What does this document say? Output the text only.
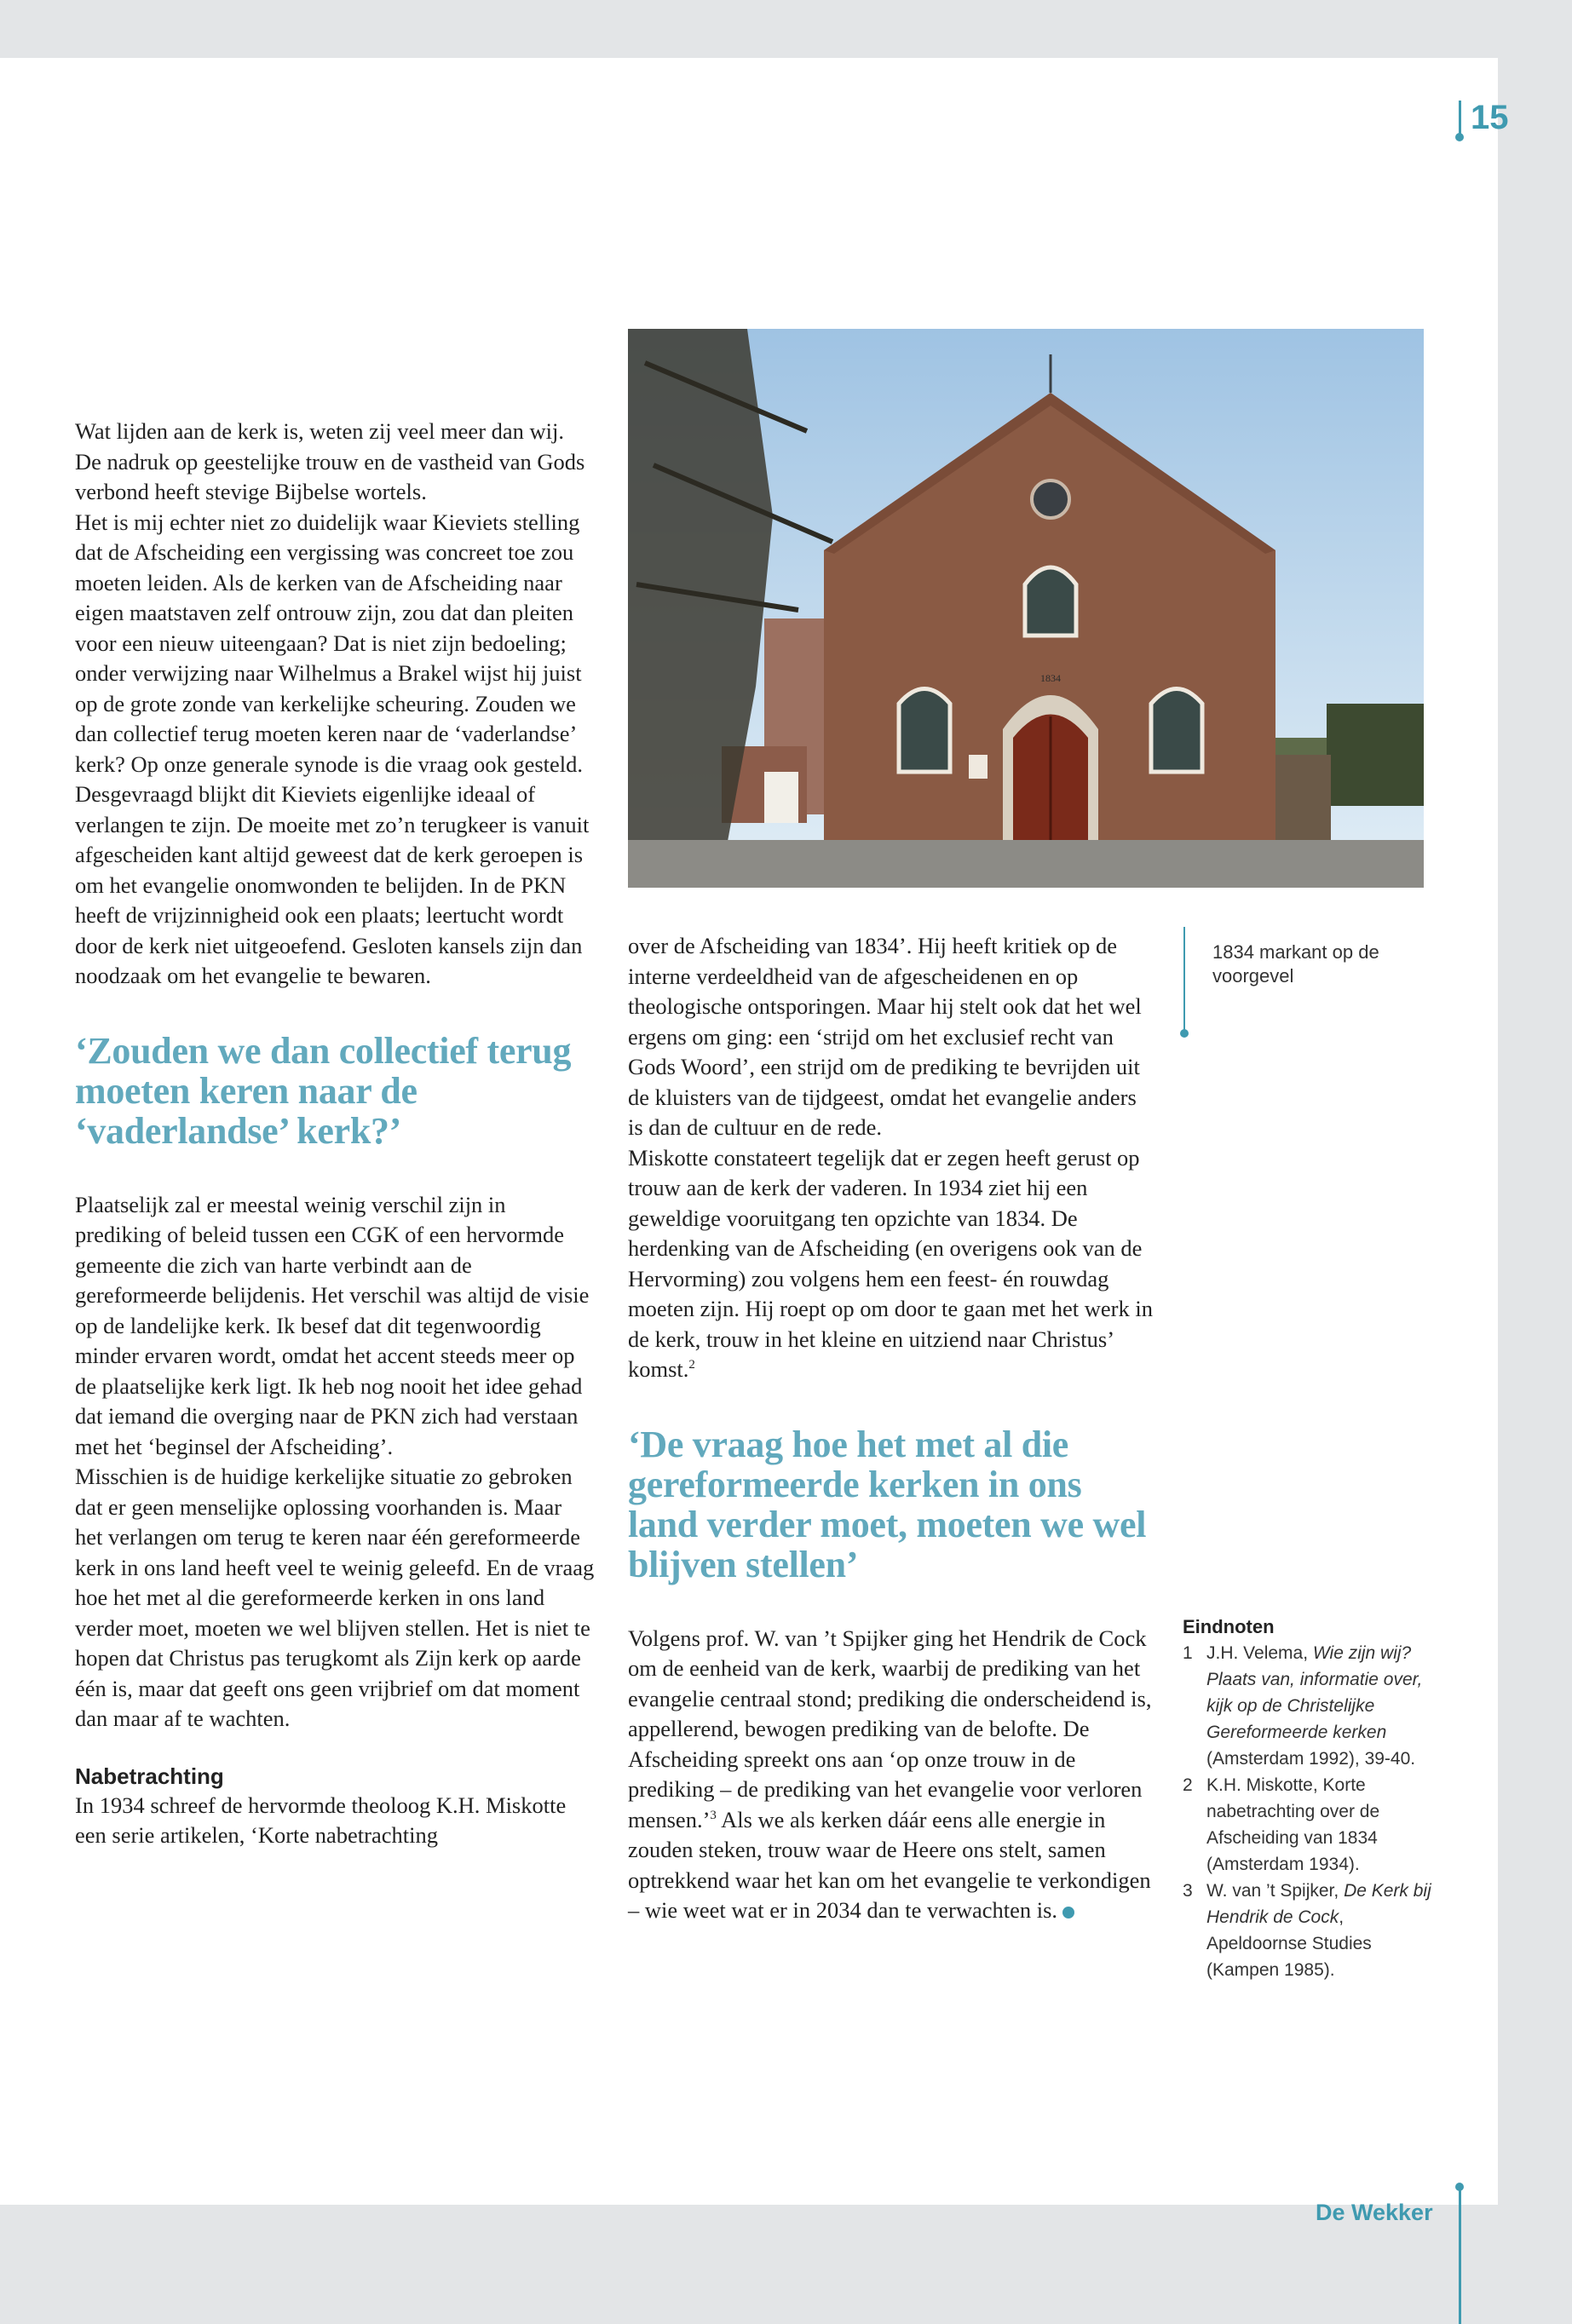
15

Wat lijden aan de kerk is, weten zij veel meer dan wij. De nadruk op geestelijke trouw en de vastheid van Gods verbond heeft stevige Bijbelse wortels.

Het is mij echter niet zo duidelijk waar Kieviets stelling dat de Afscheiding een vergissing was concreet toe zou moeten leiden. Als de kerken van de Afscheiding naar eigen maatstaven zelf ontrouw zijn, zou dat dan pleiten voor een nieuw uiteengaan? Dat is niet zijn bedoeling; onder verwijzing naar Wilhelmus a Brakel wijst hij juist op de grote zonde van kerkelijke scheuring. Zouden we dan collectief terug moeten keren naar de ‘vaderlandse’ kerk? Op onze generale synode is die vraag ook gesteld. Desgevraagd blijkt dit Kieviets eigenlijke ideaal of verlangen te zijn. De moeite met zo’n terugkeer is vanuit afgescheiden kant altijd geweest dat de kerk geroepen is om het evangelie onomwonden te belijden. In de PKN heeft de vrijzinnigheid ook een plaats; leertucht wordt door de kerk niet uitgeoefend. Gesloten kansels zijn dan noodzaak om het evangelie te bewaren.

‘Zouden we dan collectief terug moeten keren naar de ‘vaderlandse’ kerk?’

Plaatselijk zal er meestal weinig verschil zijn in prediking of beleid tussen een CGK of een hervormde gemeente die zich van harte verbindt aan de gereformeerde belijdenis. Het verschil was altijd de visie op de landelijke kerk. Ik besef dat dit tegenwoordig minder ervaren wordt, omdat het accent steeds meer op de plaatselijke kerk ligt. Ik heb nog nooit het idee gehad dat iemand die overging naar de PKN zich had verstaan met het ‘beginsel der Afscheiding’.

Misschien is de huidige kerkelijke situatie zo gebroken dat er geen menselijke oplossing voorhanden is. Maar het verlangen om terug te keren naar één gereformeerde kerk in ons land heeft veel te weinig geleefd. En de vraag hoe het met al die gereformeerde kerken in ons land verder moet, moeten we wel blijven stellen. Het is niet te hopen dat Christus pas terugkomt als Zijn kerk op aarde één is, maar dat geeft ons geen vrijbrief om dat moment dan maar af te wachten.

Nabetrachting

In 1934 schreef de hervormde theoloog K.H. Miskotte een serie artikelen, ‘Korte nabetrachting

1834

over de Afscheiding van 1834’. Hij heeft kritiek op de interne verdeeldheid van de afgescheidenen en op theologische ontsporingen. Maar hij stelt ook dat het wel ergens om ging: een ‘strijd om het exclusief recht van Gods Woord’, een strijd om de prediking te bevrijden uit de kluisters van de tijdgeest, omdat het evangelie anders is dan de cultuur en de rede.

Miskotte constateert tegelijk dat er zegen heeft gerust op trouw aan de kerk der vaderen. In 1934 ziet hij een geweldige vooruitgang ten opzichte van 1834. De herdenking van de Afscheiding (en overigens ook van de Hervorming) zou volgens hem een feest- én rouwdag moeten zijn. Hij roept op om door te gaan met het werk in de kerk, trouw in het kleine en uitziend naar Christus’ komst.$^2$

‘De vraag hoe het met al die gereformeerde kerken in ons land verder moet, moeten we wel blijven stellen’

Volgens prof. W. van ’t Spijker ging het Hendrik de Cock om de eenheid van de kerk, waarbij de prediking van het evangelie centraal stond; prediking die onderscheidend is, appellerend, bewogen prediking van de belofte. De Afscheiding spreekt ons aan ‘op onze trouw in de prediking – de prediking van het evangelie voor verloren mensen.’$^3$ Als we als kerken dáár eens alle energie in zouden steken, trouw waar de Heere ons stelt, samen optrekkend waar het kan om het evangelie te verkondigen – wie weet wat er in 2034 dan te verwachten is.

1834 markant op de voorgevel
Eindnoten

1 J.H. Velema, Wie zijn wij? Plaats van, informatie over, kijk op de Christelijke Gereformeerde kerken (Amsterdam 1992), 39-40.

2 K.H. Miskotte, Korte nabetrachting over de Afscheiding van 1834 (Amsterdam 1934).

3 W. van ’t Spijker, De Kerk bij Hendrik de Cock, Apeldoornse Studies (Kampen 1985).

De Wekker
